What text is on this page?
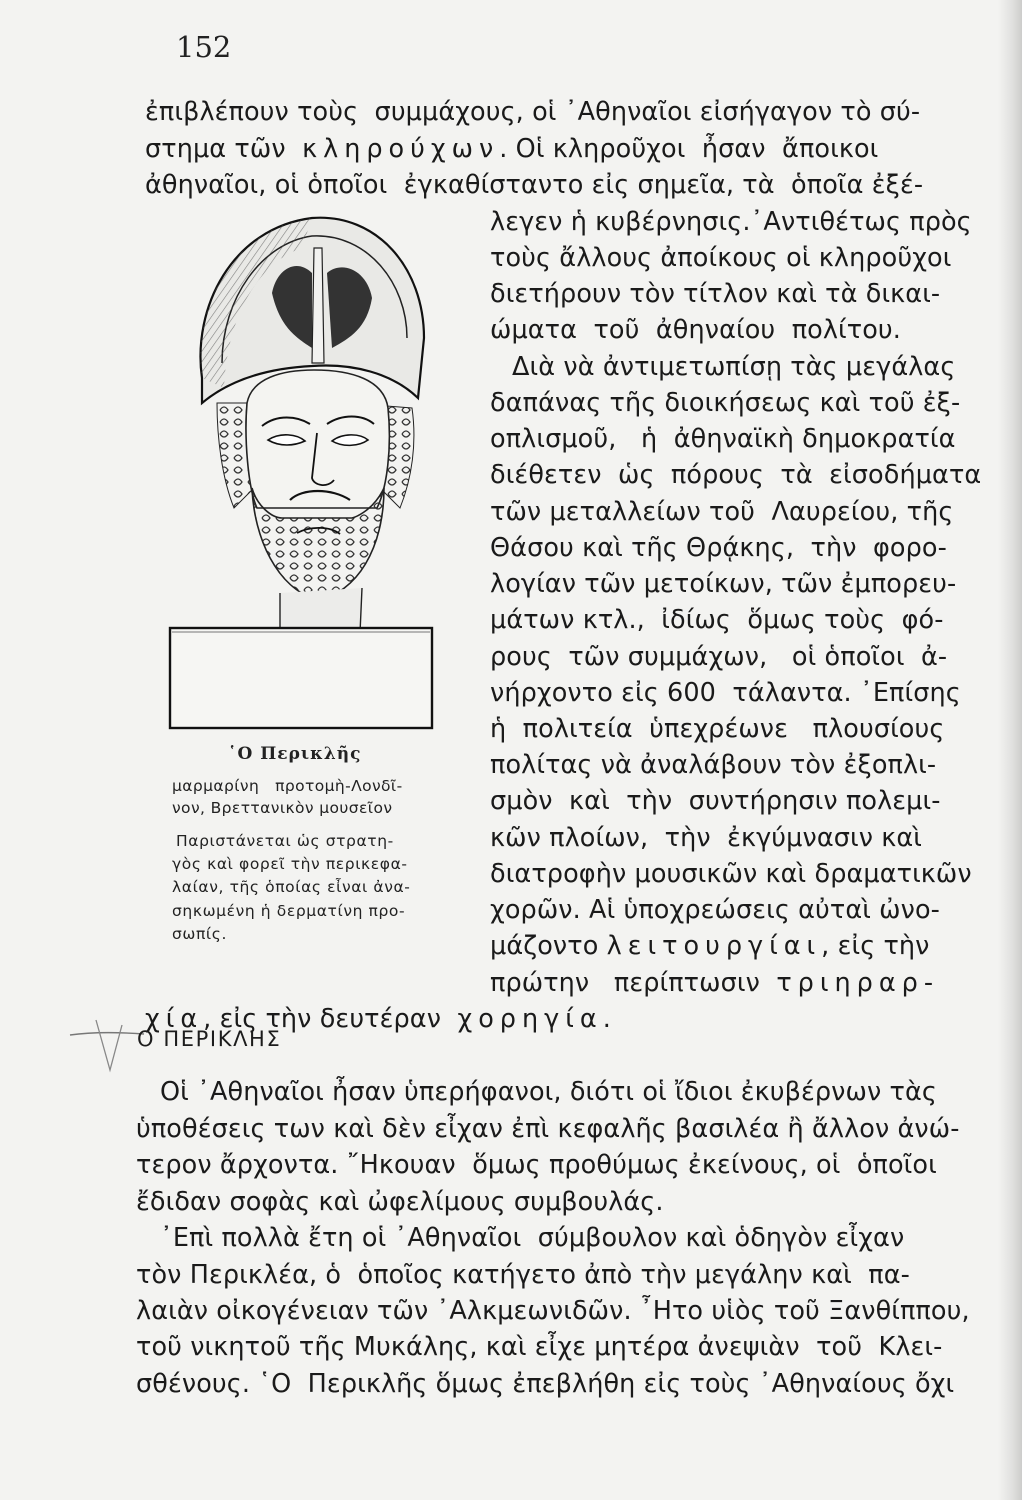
152
ἐπιβλέπουν τοὺς  συμμάχους, οἱ ᾿Αθηναῖοι εἰσήγαγον τὸ σύ-
στημα τῶν  κληρούχων. Οἱ κληροῦχοι  ἦσαν  ἄποικοι
ἀθηναῖοι, οἱ ὁποῖοι  ἐγκαθίσταντο εἰς σημεῖα, τὰ  ὁποῖα ἐξέ-
῾Ο Περικλῆς
μαρμαρίνη   προτομὴ-Λονδῖ-
νον, Βρεττανικὸν μουσεῖον
Παριστάνεται ὡς στρατη-
γὸς καὶ φορεῖ τὴν περικεφα-
λαίαν, τῆς ὁποίας εἶναι ἀνα-
σηκωμένη ἡ δερματίνη προ-
σωπίς.
λεγεν ἡ κυβέρνησις.᾿Αντιθέτως πρὸς
τοὺς ἄλλους ἀποίκους οἱ κληροῦχοι
διετήρουν τὸν τίτλον καὶ τὰ δικαι-
ώματα  τοῦ  ἀθηναίου  πολίτου.
Διὰ νὰ ἀντιμετωπίσῃ τὰς μεγάλας
δαπάνας τῆς διοικήσεως καὶ τοῦ ἐξ-
οπλισμοῦ,   ἡ  ἀθηναϊκὴ δημοκρατία
διέθετεν  ὡς  πόρους  τὰ  εἰσοδήματα
τῶν μεταλλείων τοῦ  Λαυρείου, τῆς
Θάσου καὶ τῆς Θρᾴκης,  τὴν  φορο-
λογίαν τῶν μετοίκων, τῶν ἐμπορευ-
μάτων κτλ.,  ἰδίως  ὅμως τοὺς  φό-
ρους  τῶν συμμάχων,   οἱ ὁποῖοι  ἀ-
νήρχοντο εἰς 600  τάλαντα. ᾿Επίσης
ἡ  πολιτεία  ὑπεχρέωνε   πλουσίους
πολίτας νὰ ἀναλάβουν τὸν ἐξοπλι-
σμὸν  καὶ  τὴν  συντήρησιν πολεμι-
κῶν πλοίων,  τὴν  ἐκγύμνασιν καὶ
διατροφὴν μουσικῶν καὶ δραματικῶν
χορῶν. Αἱ ὑποχρεώσεις αὐταὶ ὠνο-
μάζοντο λειτουργίαι, εἰς τὴν
πρώτην   περίπτωσιν  τριηραρ-
χία, εἰς τὴν δευτέραν  χορηγία.
Ο ΠΕΡΙΚΛΗΣ
Οἱ ᾿Αθηναῖοι ἦσαν ὑπερήφανοι, διότι οἱ ἴδιοι ἐκυβέρνων τὰς
ὑποθέσεις των καὶ δὲν εἶχαν ἐπὶ κεφαλῆς βασιλέα ἢ ἄλλον ἀνώ-
τερον ἄρχοντα. ῎Ηκουαν  ὅμως προθύμως ἐκείνους, οἱ  ὁποῖοι
ἔδιδαν σοφὰς καὶ ὠφελίμους συμβουλάς.
᾿Επὶ πολλὰ ἔτη οἱ ᾿Αθηναῖοι  σύμβουλον καὶ ὁδηγὸν εἶχαν
τὸν Περικλέα, ὁ  ὁποῖος κατήγετο ἀπὸ τὴν μεγάλην καὶ  πα-
λαιὰν οἰκογένειαν τῶν ᾿Αλκμεωνιδῶν. ῏Ητο υἱὸς τοῦ Ξανθίππου,
τοῦ νικητοῦ τῆς Μυκάλης, καὶ εἶχε μητέρα ἀνεψιὰν  τοῦ  Κλει-
σθένους. ῾Ο  Περικλῆς ὅμως ἐπεβλήθη εἰς τοὺς ᾿Αθηναίους ὄχι
